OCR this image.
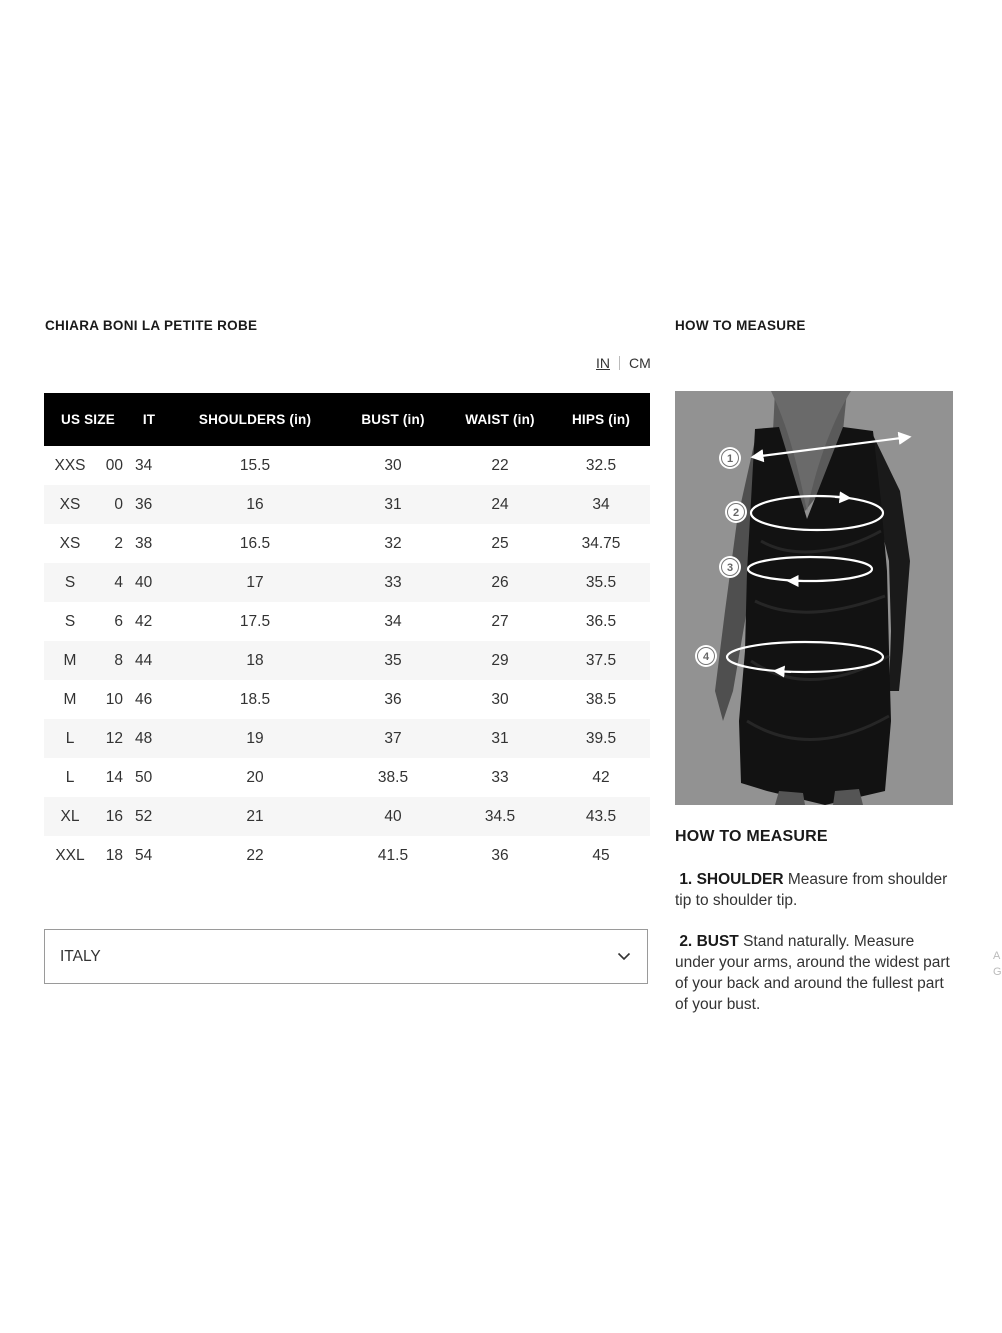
CHIARA BONI LA PETITE ROBE	HOW TO MEASURE
IN CM
US SIZE		IT	SHOULDERS (in)	BUST (in)	WAIST (in)	HIPS (in)
XXS	00	34	15.5	30	22	32.5
XS	0	36	16	31	24	34
XS	2	38	16.5	32	25	34.75
S	4	40	17	33	26	35.5
S	6	42	17.5	34	27	36.5
M	8	44	18	35	29	37.5
M	10	46	18.5	36	30	38.5
L	12	48	19	37	31	39.5
L	14	50	20	38.5	33	42
XL	16	52	21	40	34.5	43.5
XXL	18	54	22	41.5	36	45
ITALY
1
2
3
4
HOW TO MEASURE
1. SHOULDER Measure from shoulder tip to shoulder tip.
2. BUST Stand naturally. Measure under your arms, around the widest part of your back and around the fullest part of your bust.
A
G
